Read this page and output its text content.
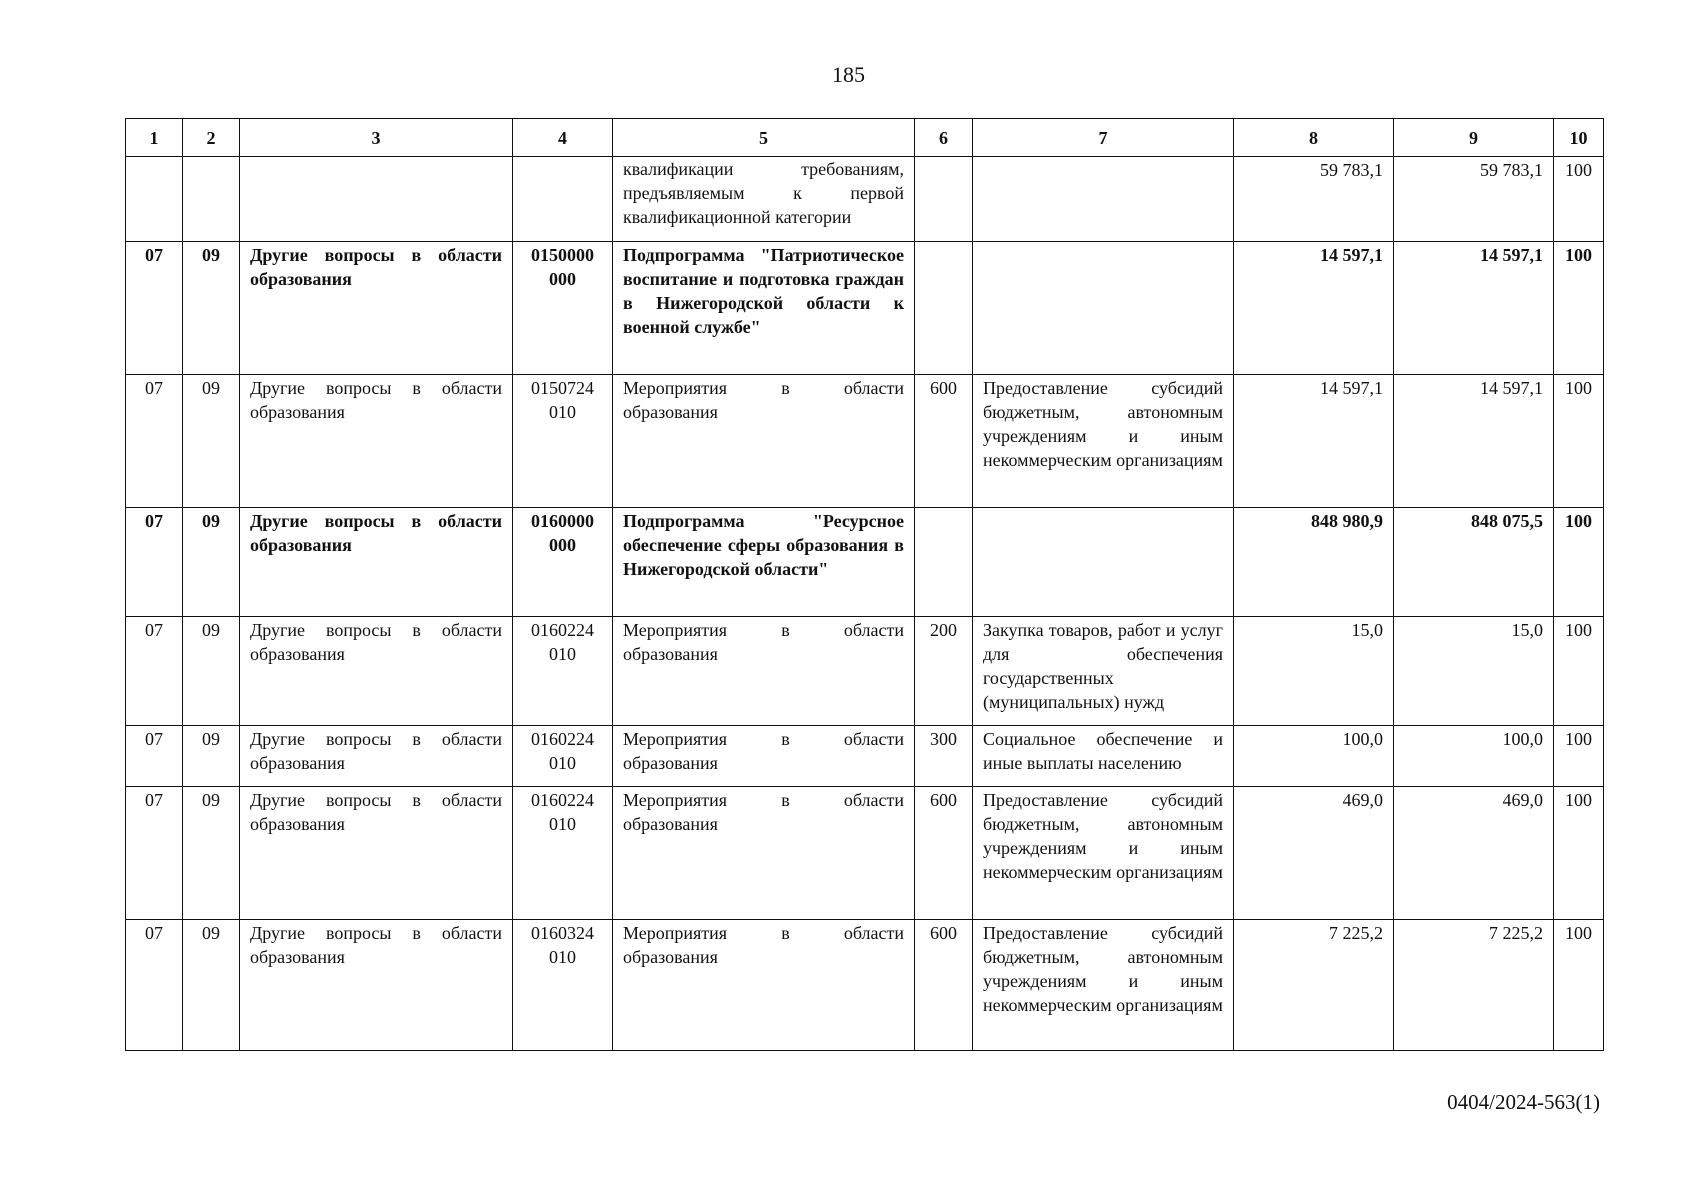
185
1	2	3	4	5	6	7	8	9	10
				квалификации требованиям, предъявляемым к первой квалификационной категории			59 783,1	59 783,1	100
07	09	Другие вопросы в области образования	0150000 000	Подпрограмма "Патриотическое воспитание и подготовка граждан в Нижегородской области к военной службе"			14 597,1	14 597,1	100
07	09	Другие вопросы в области образования	0150724 010	Мероприятия в области образования	600	Предоставление субсидий бюджетным, автономным учреждениям и иным некоммерческим организациям	14 597,1	14 597,1	100
07	09	Другие вопросы в области образования	0160000 000	Подпрограмма "Ресурсное обеспечение сферы образования в Нижегородской области"			848 980,9	848 075,5	100
07	09	Другие вопросы в области образования	0160224 010	Мероприятия в области образования	200	Закупка товаров, работ и услуг для обеспечения государственных (муниципальных) нужд	15,0	15,0	100
07	09	Другие вопросы в области образования	0160224 010	Мероприятия в области образования	300	Социальное обеспечение и иные выплаты населению	100,0	100,0	100
07	09	Другие вопросы в области образования	0160224 010	Мероприятия в области образования	600	Предоставление субсидий бюджетным, автономным учреждениям и иным некоммерческим организациям	469,0	469,0	100
07	09	Другие вопросы в области образования	0160324 010	Мероприятия в области образования	600	Предоставление субсидий бюджетным, автономным учреждениям и иным некоммерческим организациям	7 225,2	7 225,2	100
0404/2024-563(1)
